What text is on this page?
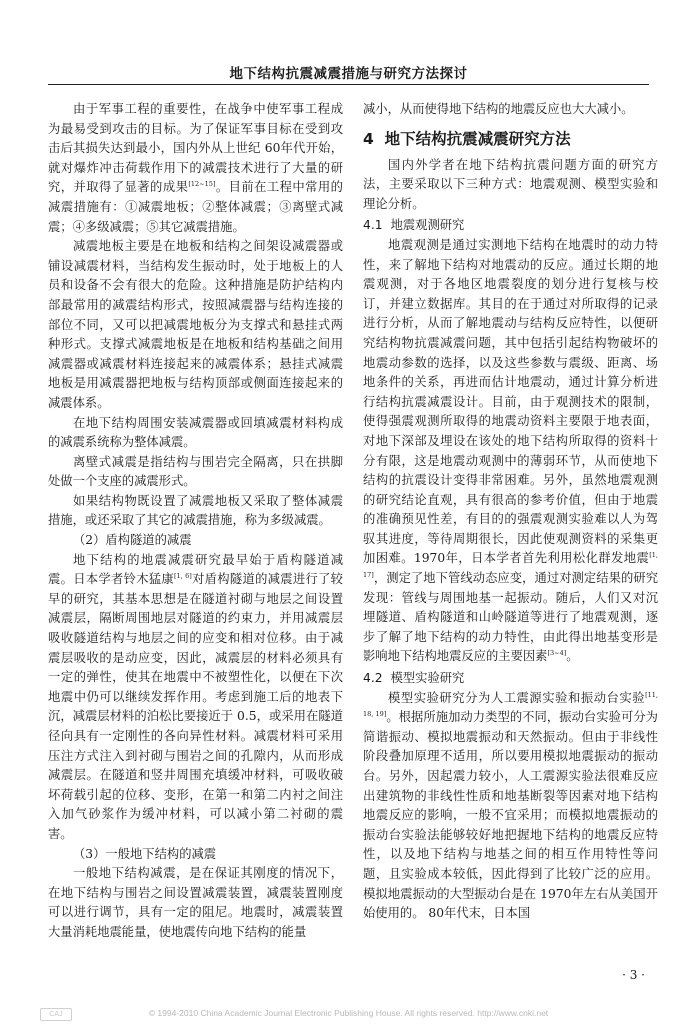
地下结构抗震减震措施与研究方法探讨

由于军事工程的重要性，在战争中使军事工程成为最易受到攻击的目标。为了保证军事目标在受到攻击后其损失达到最小，国内外从上世纪 60年代开始，就对爆炸冲击荷载作用下的减震技术进行了大量的研究，并取得了显著的成果[12~15]。目前在工程中常用的减震措施有：①减震地板；②整体减震；③离壁式减震；④多级减震；⑤其它减震措施。

减震地板主要是在地板和结构之间架设减震器或铺设减震材料，当结构发生振动时，处于地板上的人员和设备不会有很大的危险。这种措施是防护结构内部最常用的减震结构形式，按照减震器与结构连接的部位不同，又可以把减震地板分为支撑式和悬挂式两种形式。支撑式减震地板是在地板和结构基础之间用减震器或减震材料连接起来的减震体系；悬挂式减震地板是用减震器把地板与结构顶部或侧面连接起来的减震体系。

在地下结构周围安装减震器或回填减震材料构成的减震系统称为整体减震。

离壁式减震是指结构与围岩完全隔离，只在拱脚处做一个支座的减震形式。

如果结构物既设置了减震地板又采取了整体减震措施，或还采取了其它的减震措施，称为多级减震。

（2）盾构隧道的减震

地下结构的地震减震研究最早始于盾构隧道减震。日本学者铃木猛康[1, 6]对盾构隧道的减震进行了较早的研究，其基本思想是在隧道衬砌与地层之间设置减震层，隔断周围地层对隧道的约束力，并用减震层吸收隧道结构与地层之间的应变和相对位移。由于减震层吸收的是动应变，因此，减震层的材料必须具有一定的弹性，使其在地震中不被塑性化，以便在下次地震中仍可以继续发挥作用。考虑到施工后的地表下沉，减震层材料的泊松比要接近于 0.5，或采用在隧道径向具有一定刚性的各向异性材料。减震材料可采用压注方式注入到衬砌与围岩之间的孔隙内，从而形成减震层。在隧道和竖井周围充填缓冲材料，可吸收破坏荷载引起的位移、变形，在第一和第二内衬之间注入加气砂浆作为缓冲材料，可以减小第二衬砌的震害。

（3）一般地下结构的减震

一般地下结构减震，是在保证其刚度的情况下，在地下结构与围岩之间设置减震装置，减震装置刚度可以进行调节，具有一定的阻尼。地震时，减震装置大量消耗地震能量，使地震传向地下结构的能量

减小，从而使得地下结构的地震反应也大大减小。

4 地下结构抗震减震研究方法

国内外学者在地下结构抗震问题方面的研究方法，主要采取以下三种方式：地震观测、模型实验和理论分析。

4.1 地震观测研究

地震观测是通过实测地下结构在地震时的动力特性，来了解地下结构对地震动的反应。通过长期的地震观测，对于各地区地震裂度的划分进行复核与校订，并建立数据库。其目的在于通过对所取得的记录进行分析，从而了解地震动与结构反应特性，以便研究结构物抗震减震问题，其中包括引起结构物破坏的地震动参数的选择，以及这些参数与震级、距离、场地条件的关系，再进而估计地震动，通过计算分析进行结构抗震减震设计。目前，由于观测技术的限制，使得强震观测所取得的地震动资料主要限于地表面，对地下深部及埋设在该处的地下结构所取得的资料十分有限，这是地震动观测中的薄弱环节，从而使地下结构的抗震设计变得非常困难。另外，虽然地震观测的研究结论直观，具有很高的参考价值，但由于地震的准确预见性差，有目的的强震观测实验难以人为驾驭其进度，等待周期很长，因此使观测资料的采集更加困难。1970年，日本学者首先利用松化群发地震[1, 17]，测定了地下管线动态应变，通过对测定结果的研究发现：管线与周围地基一起振动。随后，人们又对沉埋隧道、盾构隧道和山岭隧道等进行了地震观测，逐步了解了地下结构的动力特性，由此得出地基变形是影响地下结构地震反应的主要因素[3~4]。

4.2 模型实验研究

模型实验研究分为人工震源实验和振动台实验[11, 18, 19]。根据所施加动力类型的不同，振动台实验可分为简谐振动、模拟地震振动和天然振动。但由于非线性阶段叠加原理不适用，所以要用模拟地震振动的振动台。另外，因起震力较小，人工震源实验法很难反应出建筑物的非线性性质和地基断裂等因素对地下结构地震反应的影响，一般不宜采用；而模拟地震振动的振动台实验法能够较好地把握地下结构的地震反应特性，以及地下结构与地基之间的相互作用特性等问题，且实验成本较低，因此得到了比较广泛的应用。模拟地震振动的大型振动台是在 1970年左右从美国开始使用的。 80年代末，日本国

· 3 ·
CAJ	© 1994-2010 China Academic Journal Electronic Publishing House. All rights reserved. http://www.cnki.net
